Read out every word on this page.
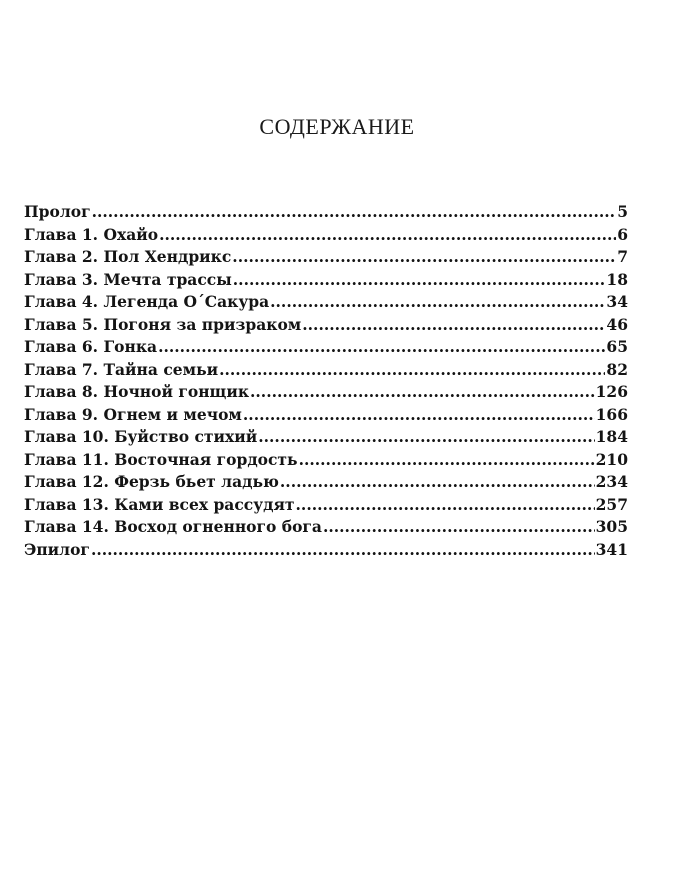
СОДЕРЖАНИЕ
Пролог .....	5
Глава 1. Охайо .....	6
Глава 2. Пол Хендрикс .....	7
Глава 3. Мечта трассы .....	18
Глава 4. Легенда О´Сакура .....	34
Глава 5. Погоня за призраком .....	46
Глава 6. Гонка .....	65
Глава 7. Тайна семьи .....	82
Глава 8. Ночной гонщик .....	126
Глава 9. Огнем и мечом .....	166
Глава 10. Буйство стихий .....	184
Глава 11. Восточная гордость .....	210
Глава 12. Ферзь бьет ладью .....	234
Глава 13. Ками всех рассудят .....	257
Глава 14. Восход огненного бога .....	305
Эпилог .....	341
